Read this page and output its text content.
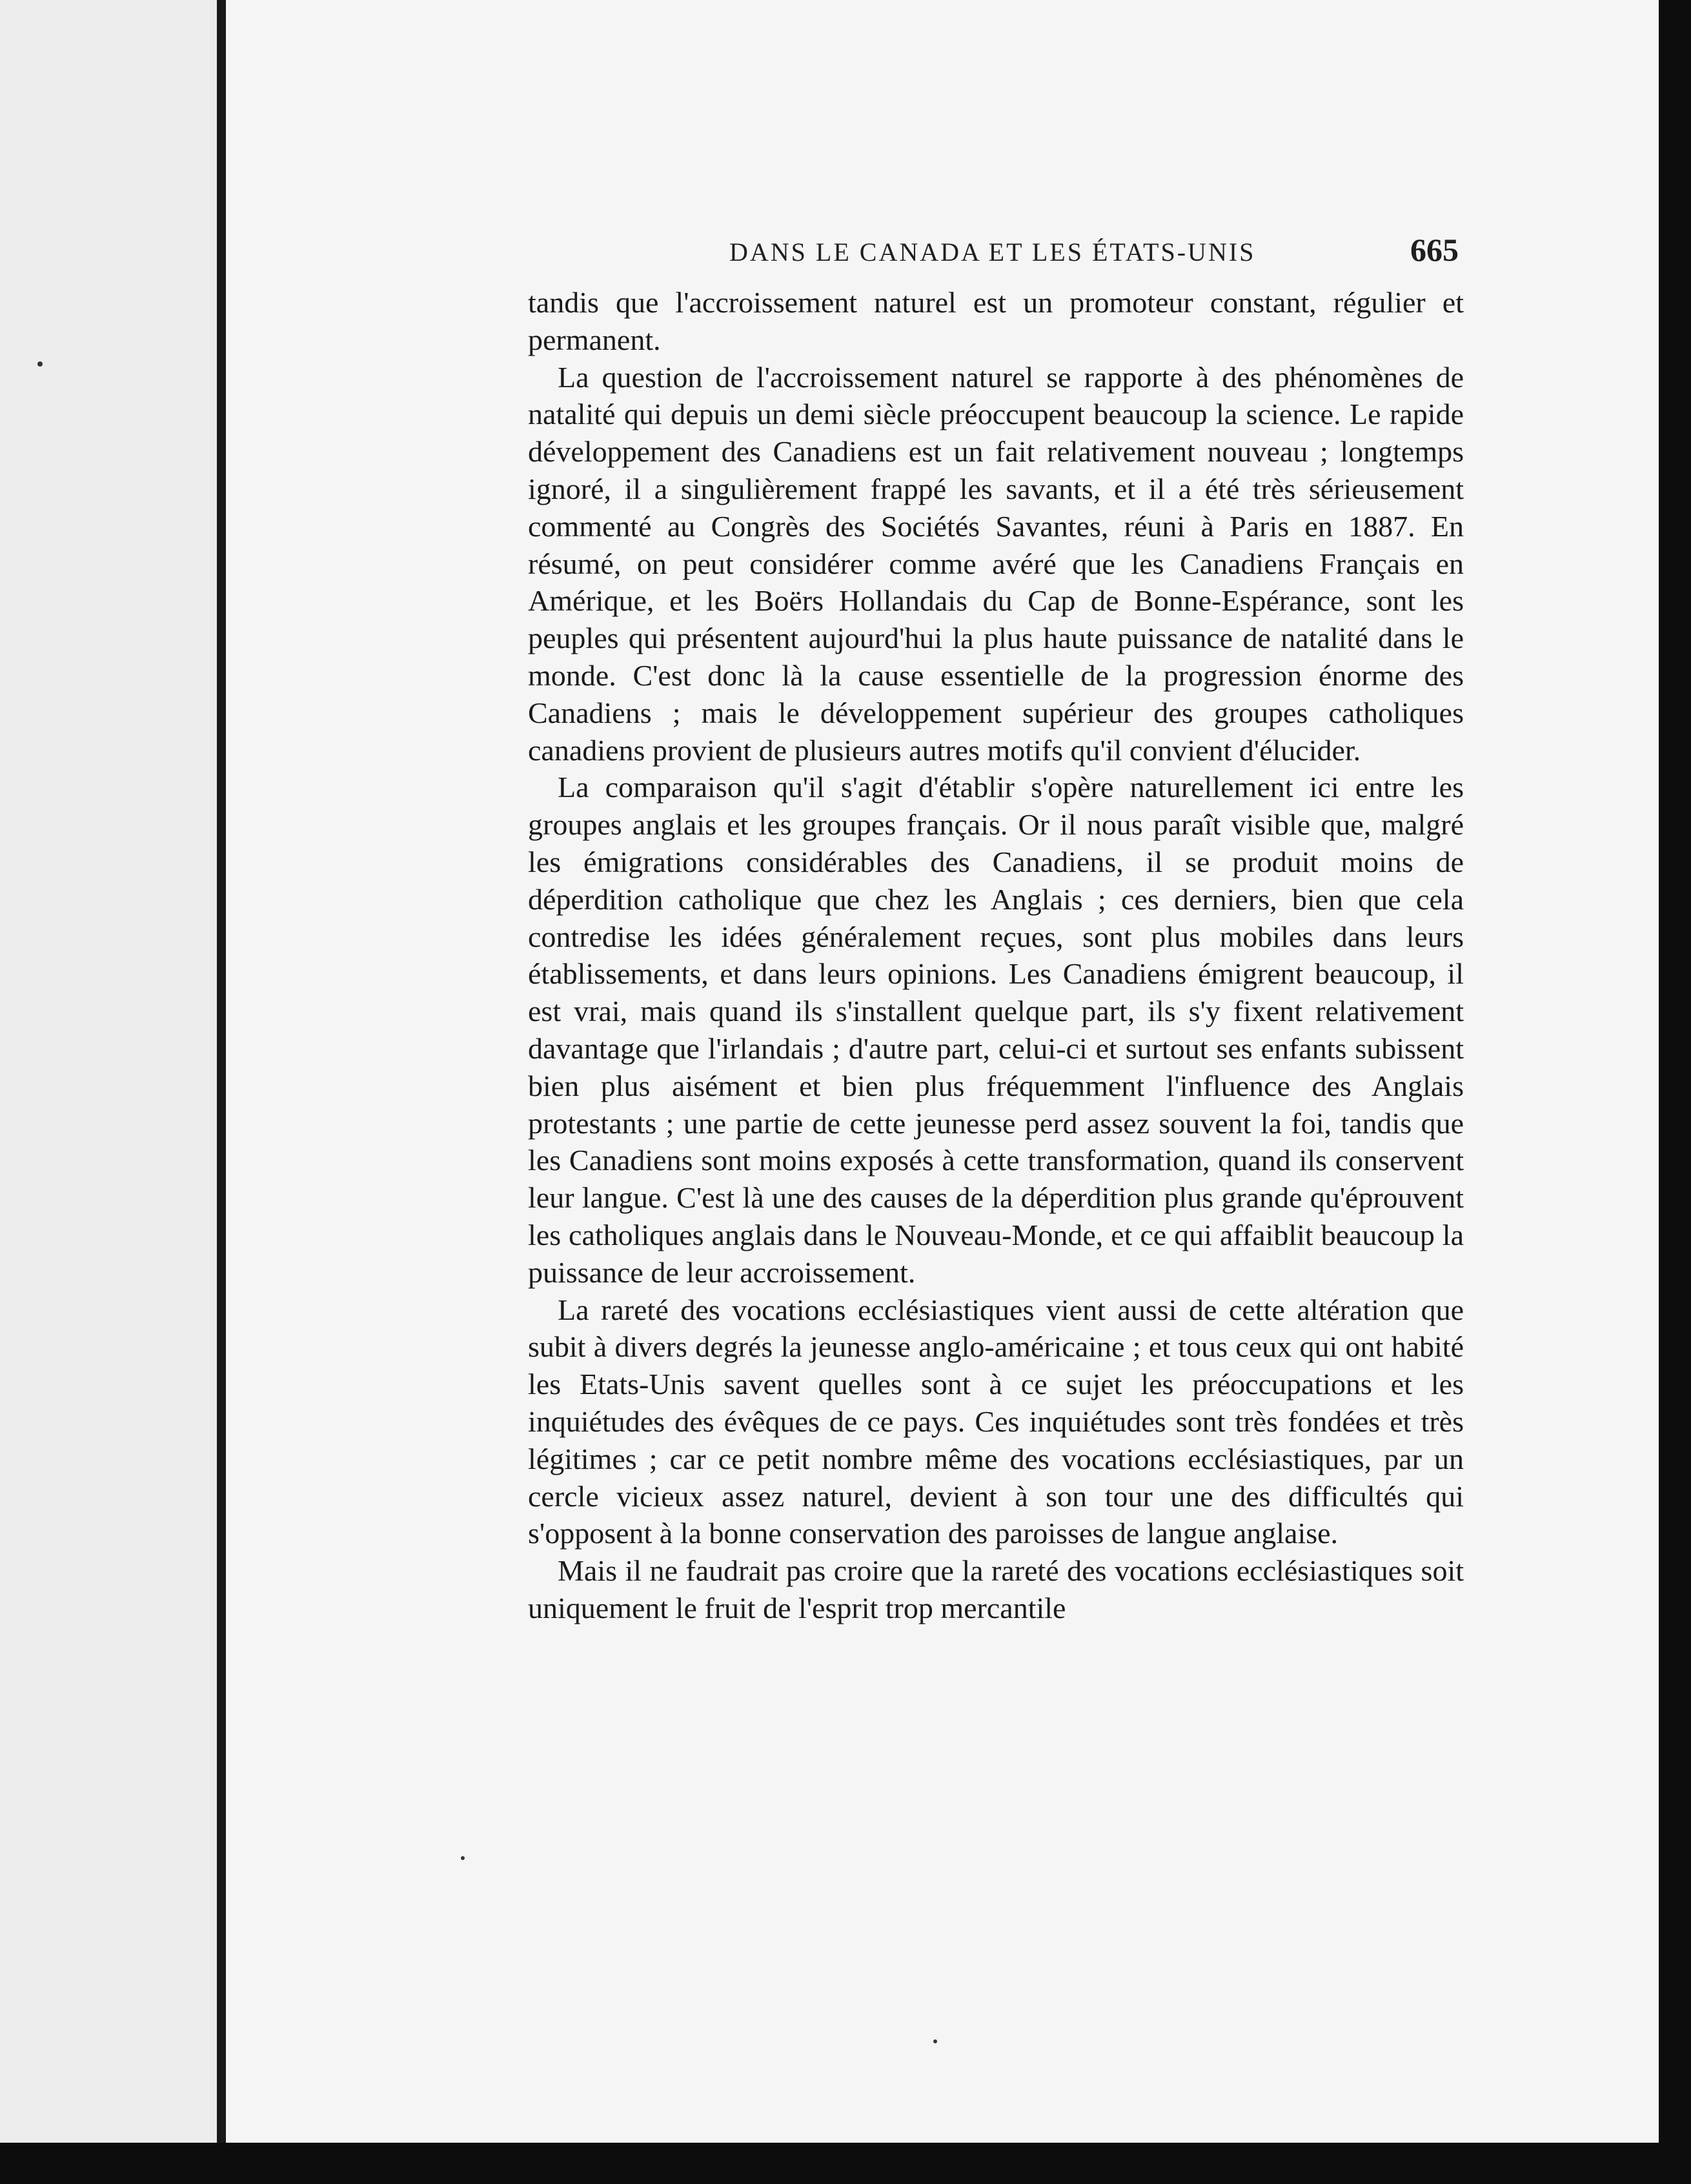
DANS LE CANADA ET LES ÉTATS-UNIS	665

tandis que l'accroissement naturel est un promoteur constant, régulier et permanent.

La question de l'accroissement naturel se rapporte à des phénomènes de natalité qui depuis un demi siècle préoccupent beaucoup la science. Le rapide développement des Canadiens est un fait relativement nouveau ; longtemps ignoré, il a singulièrement frappé les savants, et il a été très sérieusement commenté au Congrès des Sociétés Savantes, réuni à Paris en 1887. En résumé, on peut considérer comme avéré que les Canadiens Français en Amérique, et les Boërs Hollandais du Cap de Bonne-Espérance, sont les peuples qui présentent aujourd'hui la plus haute puissance de natalité dans le monde. C'est donc là la cause essentielle de la progression énorme des Canadiens ; mais le développement supérieur des groupes catholiques canadiens provient de plusieurs autres motifs qu'il convient d'élucider.

La comparaison qu'il s'agit d'établir s'opère naturellement ici entre les groupes anglais et les groupes français. Or il nous paraît visible que, malgré les émigrations considérables des Canadiens, il se produit moins de déperdition catholique que chez les Anglais ; ces derniers, bien que cela contredise les idées généralement reçues, sont plus mobiles dans leurs établissements, et dans leurs opinions. Les Canadiens émigrent beaucoup, il est vrai, mais quand ils s'installent quelque part, ils s'y fixent relativement davantage que l'irlandais ; d'autre part, celui-ci et surtout ses enfants subissent bien plus aisément et bien plus fréquemment l'influence des Anglais protestants ; une partie de cette jeunesse perd assez souvent la foi, tandis que les Canadiens sont moins exposés à cette transformation, quand ils conservent leur langue. C'est là une des causes de la déperdition plus grande qu'éprouvent les catholiques anglais dans le Nouveau-Monde, et ce qui affaiblit beaucoup la puissance de leur accroissement.

La rareté des vocations ecclésiastiques vient aussi de cette altération que subit à divers degrés la jeunesse anglo-américaine ; et tous ceux qui ont habité les Etats-Unis savent quelles sont à ce sujet les préoccupations et les inquiétudes des évêques de ce pays. Ces inquiétudes sont très fondées et très légitimes ; car ce petit nombre même des vocations ecclésiastiques, par un cercle vicieux assez naturel, devient à son tour une des difficultés qui s'opposent à la bonne conservation des paroisses de langue anglaise.

Mais il ne faudrait pas croire que la rareté des vocations ecclésiastiques soit uniquement le fruit de l'esprit trop mercantile
